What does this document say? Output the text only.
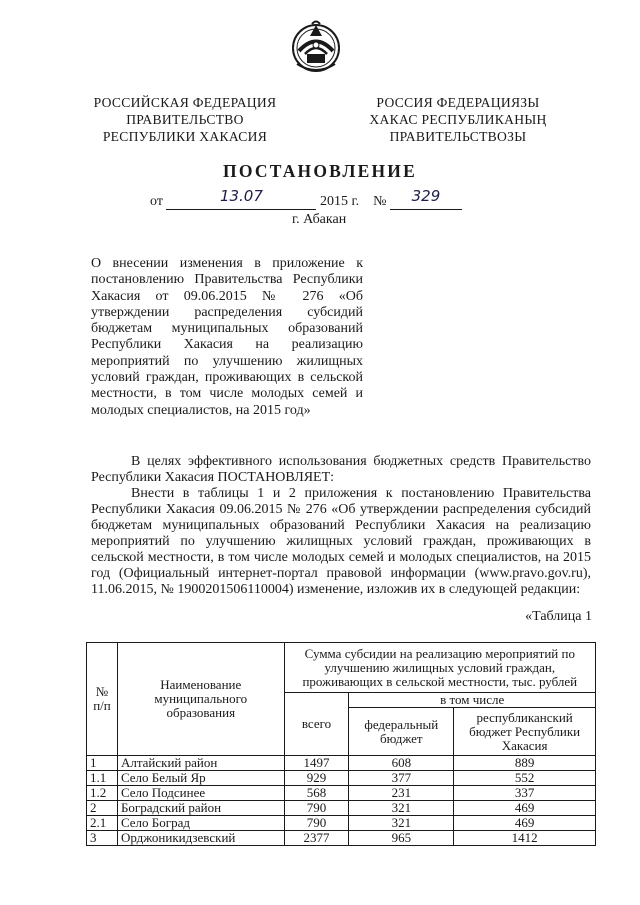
РОССИЙСКАЯ ФЕДЕРАЦИЯ
ПРАВИТЕЛЬСТВО
РЕСПУБЛИКИ ХАКАСИЯ
РОССИЯ ФЕДЕРАЦИЯЗЫ
ХАКАС РЕСПУБЛИКАНЫҢ
ПРАВИТЕЛЬСТВОЗЫ
ПОСТАНОВЛЕНИЕ
от	13.07	2015 г. № 329
г. Абакан

О внесении изменения в приложение к постановлению Правительства Республики Хакасия от 09.06.2015 № 276 «Об утверждении распределения субсидий бюджетам муниципальных образований Республики Хакасия на реализацию мероприятий по улучшению жилищных условий граждан, проживающих в сельской местности, в том числе молодых семей и молодых специалистов, на 2015 год»

В целях эффективного использования бюджетных средств Правительство Республики Хакасия ПОСТАНОВЛЯЕТ:

Внести в таблицы 1 и 2 приложения к постановлению Правительства Республики Хакасия 09.06.2015 № 276 «Об утверждении распределения субсидий бюджетам муниципальных образований Республики Хакасия на реализацию мероприятий по улучшению жилищных условий граждан, проживающих в сельской местности, в том числе молодых семей и молодых специалистов, на 2015 год (Официальный интернет-портал правовой информации (www.pravo.gov.ru), 11.06.2015, № 1900201506110004) изменение, изложив их в следующей редакции:

«Таблица 1
№ п/п	Наименование муниципального образования	Сумма субсидии на реализацию мероприятий по улучшению жилищных условий граждан, проживающих в сельской местности, тыс. рублей		
		всего	в том числе	
			федеральный бюджет	республиканский бюджет Республики Хакасия
1	Алтайский район	1497	608	889
1.1	Село Белый Яр	929	377	552
1.2	Село Подсинее	568	231	337
2	Боградский район	790	321	469
2.1	Село Боград	790	321	469
3	Орджоникидзевский	2377	965	1412
